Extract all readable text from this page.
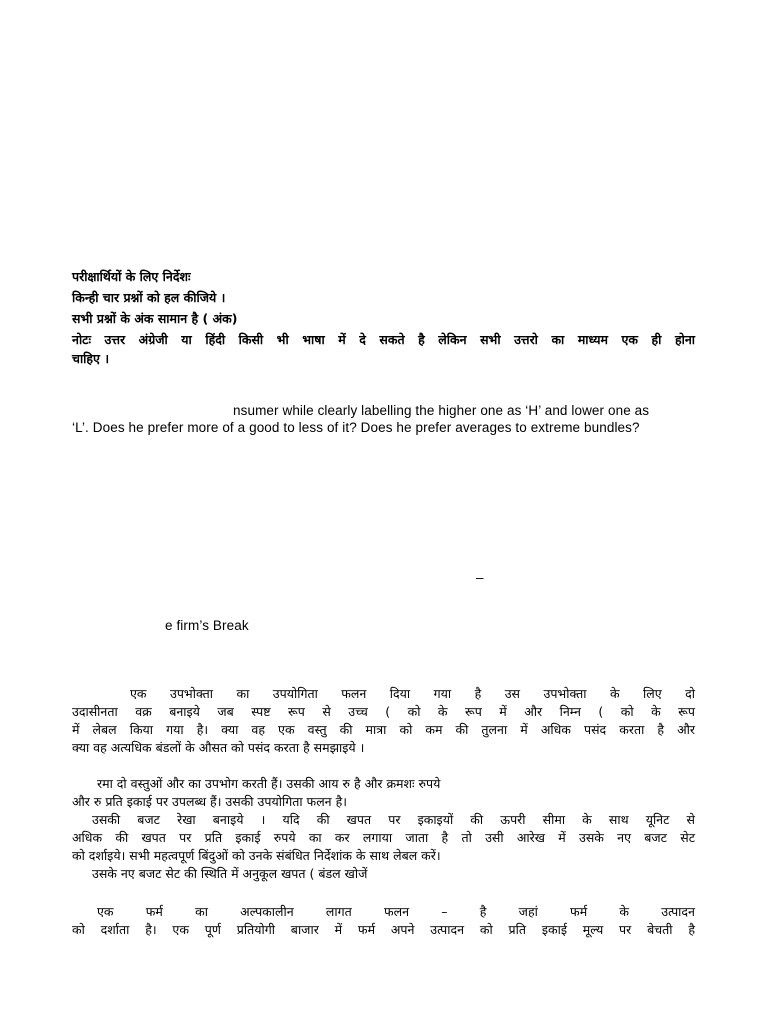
परीक्षार्थियों के लिए निर्देशः
किन्ही चार प्रश्नों को हल कीजिये ।
सभी प्रश्नों के अंक सामान है ( अंक)
नोटः उत्तर अंग्रेजी या हिंदी किसी भी भाषा में दे सकते है लेकिन सभी उत्तरो का माध्यम एक ही होना
चाहिए ।
nsumer while clearly labelling the higher one as ‘H’ and lower one as
‘L’. Does he prefer more of a good to less of it? Does he prefer averages to extreme bundles?
–
e firm’s Break
एक उपभोक्ता का उपयोगिता फलन दिया गया है उस उपभोक्ता के लिए दो
उदासीनता वक्र बनाइये जब स्पष्ट रूप से उच्च ( को के रूप में और निम्न ( को के रूप
में लेबल किया गया है। क्या वह एक वस्तु की मात्रा को कम की तुलना में अधिक पसंद करता है और
क्या वह अत्यधिक बंडलों के औसत को पसंद करता है समझाइये ।
रमा दो वस्तुओं और का उपभोग करती हैं। उसकी आय रु है और क्रमशः रुपये
और रु प्रति इकाई पर उपलब्ध हैं। उसकी उपयोगिता फलन है।
उसकी बजट रेखा बनाइये । यदि की खपत पर इकाइयों की ऊपरी सीमा के साथ यूनिट से
अधिक की खपत पर प्रति इकाई रुपये का कर लगाया जाता है तो उसी आरेख में उसके नए बजट सेट
को दर्शाइये। सभी महत्वपूर्ण बिंदुओं को उनके संबंधित निर्देशांक के साथ लेबल करें।
उसके नए बजट सेट की स्थिति में अनुकूल खपत ( बंडल खोजें
एक फर्म का अल्पकालीन लागत फलन – है जहां फर्म के उत्पादन
को दर्शाता है। एक पूर्ण प्रतियोगी बाजार में फर्म अपने उत्पादन को प्रति इकाई मूल्य पर बेचती है
